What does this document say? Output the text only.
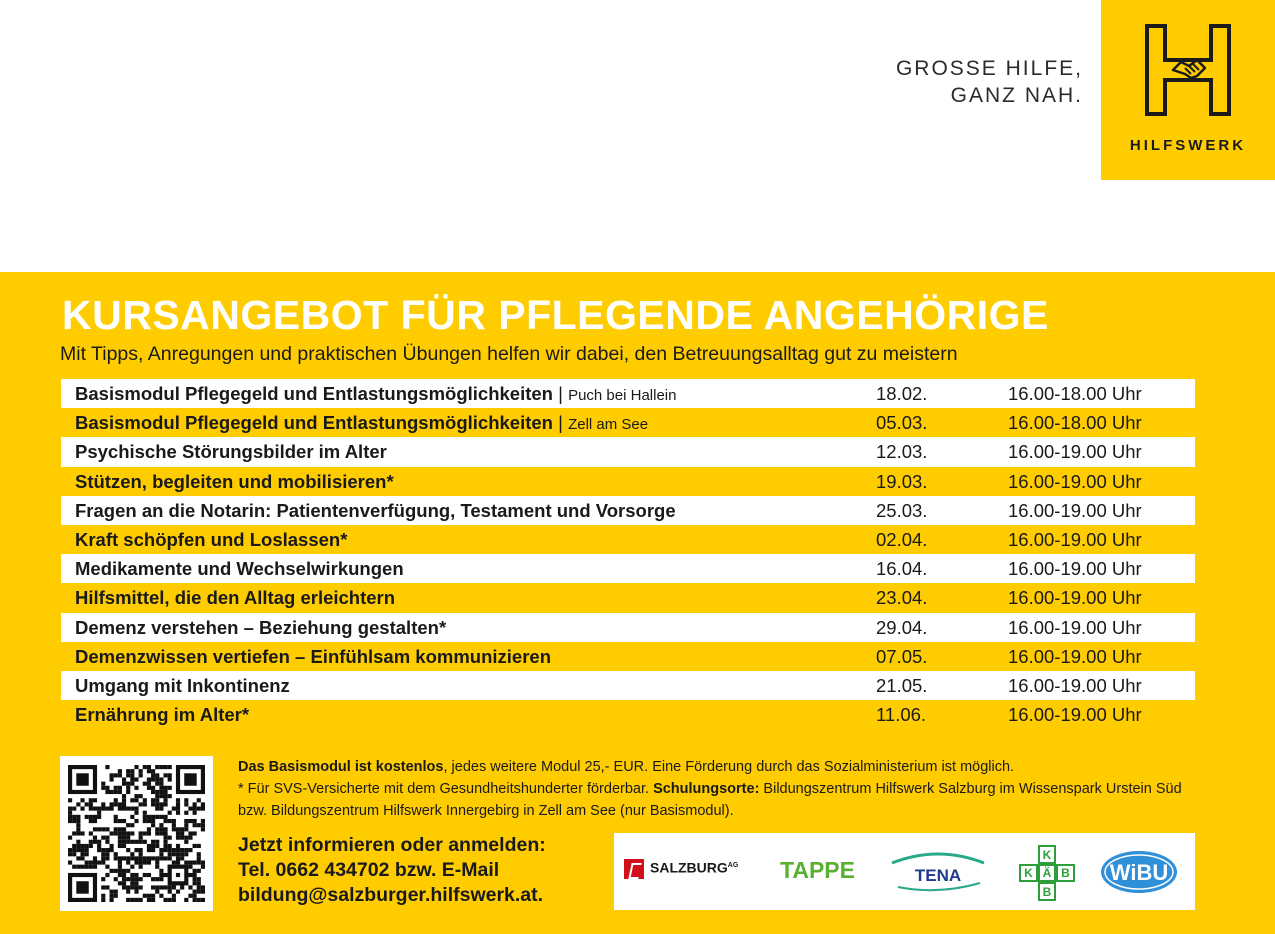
GROSSE HILFE,
GANZ NAH.
HILFSWERK
KURSANGEBOT FÜR PFLEGENDE ANGEHÖRIGE
Mit Tipps, Anregungen und praktischen Übungen helfen wir dabei, den Betreuungsalltag gut zu meistern
Basismodul Pflegegeld und Entlastungsmöglichkeiten | Puch bei Hallein	18.02.	16.00-18.00 Uhr
Basismodul Pflegegeld und Entlastungsmöglichkeiten | Zell am See	05.03.	16.00-18.00 Uhr
Psychische Störungsbilder im Alter	12.03.	16.00-19.00 Uhr
Stützen, begleiten und mobilisieren*	19.03.	16.00-19.00 Uhr
Fragen an die Notarin: Patientenverfügung, Testament und Vorsorge	25.03.	16.00-19.00 Uhr
Kraft schöpfen und Loslassen*	02.04.	16.00-19.00 Uhr
Medikamente und Wechselwirkungen	16.04.	16.00-19.00 Uhr
Hilfsmittel, die den Alltag erleichtern	23.04.	16.00-19.00 Uhr
Demenz verstehen – Beziehung gestalten*	29.04.	16.00-19.00 Uhr
Demenzwissen vertiefen – Einfühlsam kommunizieren	07.05.	16.00-19.00 Uhr
Umgang mit Inkontinenz	21.05.	16.00-19.00 Uhr
Ernährung im Alter*	11.06.	16.00-19.00 Uhr
Das Basismodul ist kostenlos, jedes weitere Modul 25,- EUR. Eine Förderung durch das Sozialministerium ist möglich.
* Für SVS-Versicherte mit dem Gesundheitshunderter förderbar. Schulungsorte: Bildungszentrum Hilfswerk Salzburg im Wissenspark Urstein Süd bzw. Bildungszentrum Hilfswerk Innergebirg in Zell am See (nur Basismodul).
Jetzt informieren oder anmelden:
Tel. 0662 434702 bzw. E-Mail
bildung@salzburger.hilfswerk.at.
$SALZBURG^{AG}$ TAPPE	TENA
K
K Ä B
B
WiBU
